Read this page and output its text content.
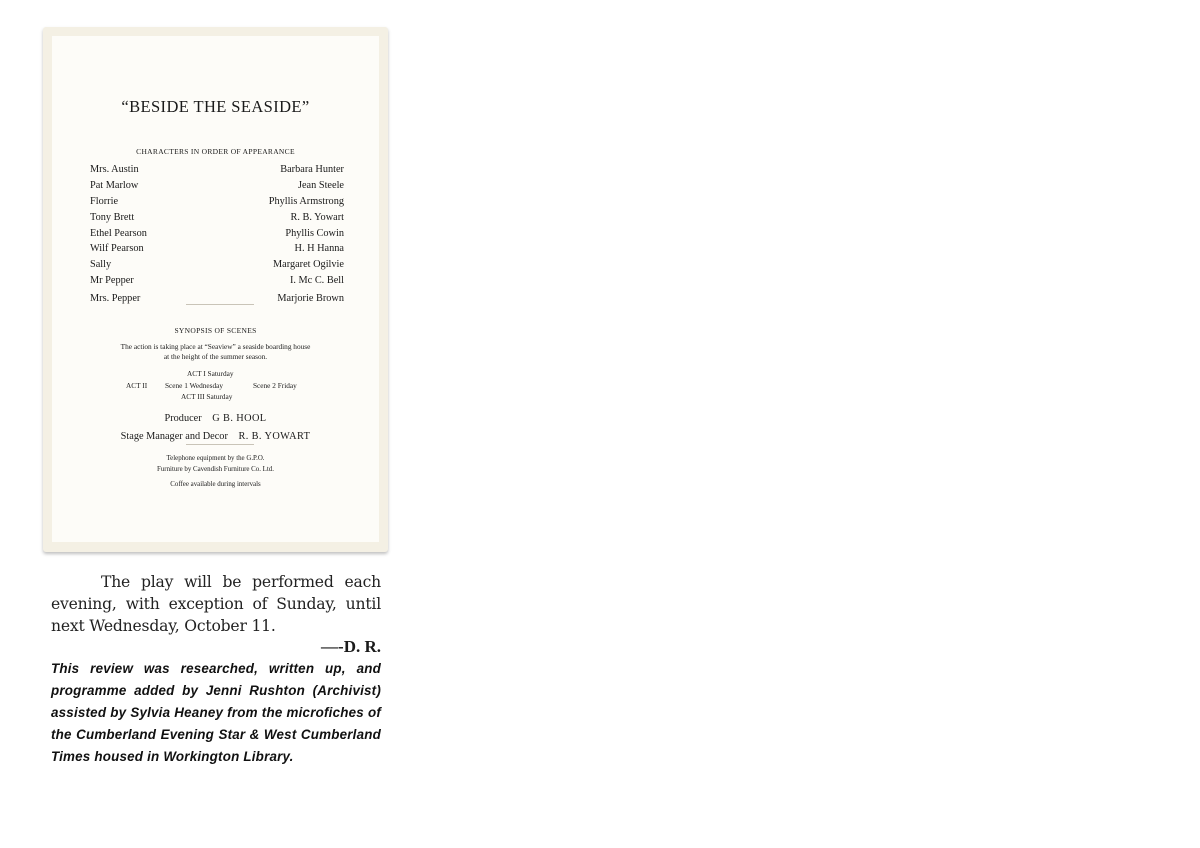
“BESIDE THE SEASIDE”
CHARACTERS IN ORDER OF APPEARANCE
Mrs. Austin	Barbara Hunter
Pat Marlow	Jean Steele
Florrie	Phyllis Armstrong
Tony Brett	R. B. Yowart
Ethel Pearson	Phyllis Cowin
Wilf Pearson	H. H Hanna
Sally	Margaret Ogilvie
Mr Pepper	I. Mc C. Bell
Mrs. Pepper	Marjorie Brown
SYNOPSIS OF SCENES
The action is taking place at “Seaview” a seaside boarding house
at the height of the summer season.
ACT I Saturday
ACT II Scene 1 Wednesday	Scene 2 Friday
ACT III Saturday
Producer G B. HOOL
Stage Manager and Decor R. B. YOWART
Telephone equipment by the G.P.O.
Furniture by Cavendish Furniture Co. Ltd.
Coffee available during intervals
The play will be performed each evening, with exception of Sunday, until next Wednesday, October 11.
—-D. R.
This review was researched, written up, and programme added by Jenni Rushton (Archivist) assisted by Sylvia Heaney from the microfiches of the Cumberland Evening Star & West Cumberland Times housed in Workington Library.
